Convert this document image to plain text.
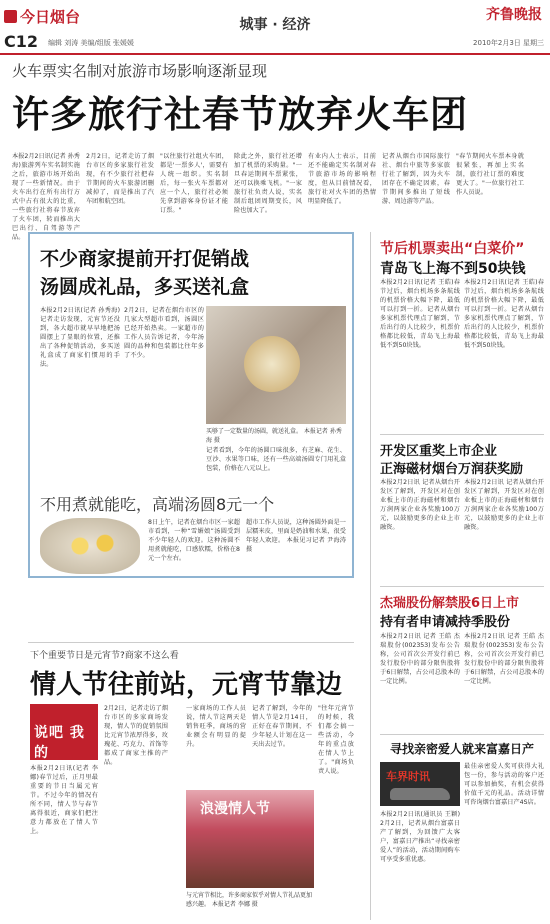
今日烟台	城事 · 经济
齐鲁晚报
C12 编辑 刘涛 美编/组版 张媛媛	2010年2月3日 星期三
火车票实名制对旅游市场影响逐渐显现
许多旅行社春节放弃火车团
本报2月2日讯(记者 孙秀海)旅游列车实名制实施之后，旅游市场开始出现了一些新情况。由于火车出行在所有出行方式中占有很大的比重，一些旅行社将春节放弃了火车团，转而推出大巴出行、自驾游等产品。
2月2日，记者走访了烟台市区的多家旅行社发现，有不少旅行社把春节期间的火车旅游团删减掉了，而是推出了汽车团和航空团。
"以往旅行社组火车团，都是'一票多人'，需要有人统一组织。实名制后，每一张火车票都对应一个人，旅行社必须先拿到游客身份证才能订票。"
除此之外，旅行社还增加了机票的采购量。"一旦春运期间车票紧张，还可以换乘飞机。"一家旅行社负责人说，实名制后组团周期变长，风险也加大了。
有业内人士表示，目前还不能确定实名制对春节旅游市场的影响程度，但从目前情况看，旅行社对火车团的热情明显降低了。
记者从烟台市国际旅行社、烟台中旅等多家旅行社了解到，因为火车团存在不确定因素，春节期间多推出了短线游、周边游等产品。
"春节期间火车票本身就很紧张，再加上实名制，旅行社订票的难度更大了。"一位旅行社工作人员说。
不少商家提前开打促销战
汤圆成礼品，多买送礼盒
本报2月2日讯(记者 孙秀海)记者走访发现，元宵节还没到，各大超市就早早地把汤圆摆上了显眼的位置，还推出了各种促销活动，多买送礼盒成了商家们惯用的手法。
2月2日，记者在烟台市区的几家大型超市看到，汤圆区已经开始热卖。一家超市的工作人员告诉记者，今年汤圆的品种和包装都比往年多了不少。
买够了一定数量的汤圆，就送礼盒。 本报记者 孙秀海 摄
记者看到，今年的汤圆口味很多，有芝麻、花生、豆沙、水果等口味，还有一些高端汤圆专门用礼盒包装，价格在八元以上。
不用煮就能吃，高端汤圆8元一个
8日上午，记者在烟台市区一家超市看到，一种“雪媚娘”汤圆受到不少年轻人的欢迎。这种汤圆不用煮就能吃，口感软糯，价格在8元一个左右。
超市工作人员说，这种汤圆外面是一层糯米皮，里面是奶油和水果，很受年轻人欢迎。 本报见习记者 尹海涛 摄
节后机票卖出“白菜价”
青岛飞上海不到50块钱
本报2月2日讯(记者 王皓)春节过后，烟台机场多条航线的机票价格大幅下降，最低可以打到一折。记者从烟台多家机票代理点了解到，节后出行的人比较少，机票价格都比较低，青岛飞上海最低不到50块钱。
本报2月2日讯(记者 王皓)春节过后，烟台机场多条航线的机票价格大幅下降，最低可以打到一折。记者从烟台多家机票代理点了解到，节后出行的人比较少，机票价格都比较低，青岛飞上海最低不到50块钱。
开发区重奖上市企业
正海磁材烟台万润获奖励
本报2月2日讯 记者从烟台开发区了解到，开发区对在创业板上市的正海磁材和烟台万润两家企业各奖励100万元，以鼓励更多的企业上市融资。
本报2月2日讯 记者从烟台开发区了解到，开发区对在创业板上市的正海磁材和烟台万润两家企业各奖励100万元，以鼓励更多的企业上市融资。
杰瑞股份解禁股6日上市
持有者申请减持季股份
本报2月2日讯 记者 王皓 杰瑞股份(002353)发布公告称，公司首次公开发行前已发行股份中的部分限售股将于6日解禁，占公司总股本的一定比例。
本报2月2日讯 记者 王皓 杰瑞股份(002353)发布公告称，公司首次公开发行前已发行股份中的部分限售股将于6日解禁，占公司总股本的一定比例。
寻找亲密爱人就来富嘉日产
车界时讯
本报2月2日讯(通讯员 王颖) 2月2日，记者从烟台富嘉日产了解到，为回馈广大客户，富嘉日产推出“寻找亲密爱人”的活动，活动期间购车可享受多重优惠。
最佳亲密爱人奖可获得大礼包一份，参与活动的客户还可以参加抽奖，有机会获得价值千元的礼品。活动详情可咨询烟台富嘉日产4S店。
下个重要节日是元宵节?商家不这么看
情人节往前站，元宵节靠边
说吧 我的
本报2月2日讯(记者 李娜)春节过后，正月里最重要的节日当属元宵节。不过今年的情况有所不同，情人节与春节离得很近，商家们把注意力都放在了情人节上。
2月2日，记者走访了烟台市区的多家商场发现，情人节的促销氛围比元宵节浓厚得多，玫瑰花、巧克力、首饰等都成了商家主推的产品。
一家商场的工作人员说，情人节这两天是销售旺季，商场的营业额会有明显的提升。
记者了解到，今年的情人节是2月14日，正好在春节期间，不少年轻人计划在这一天出去过节。
"往年元宵节的时候，我们都会搞一些活动，今年的重点放在情人节上了。"商场负责人说。
浪漫情人节
与元宵节相比，许多商家似乎对情人节礼品更加感兴趣。 本报记者 李娜 摄
